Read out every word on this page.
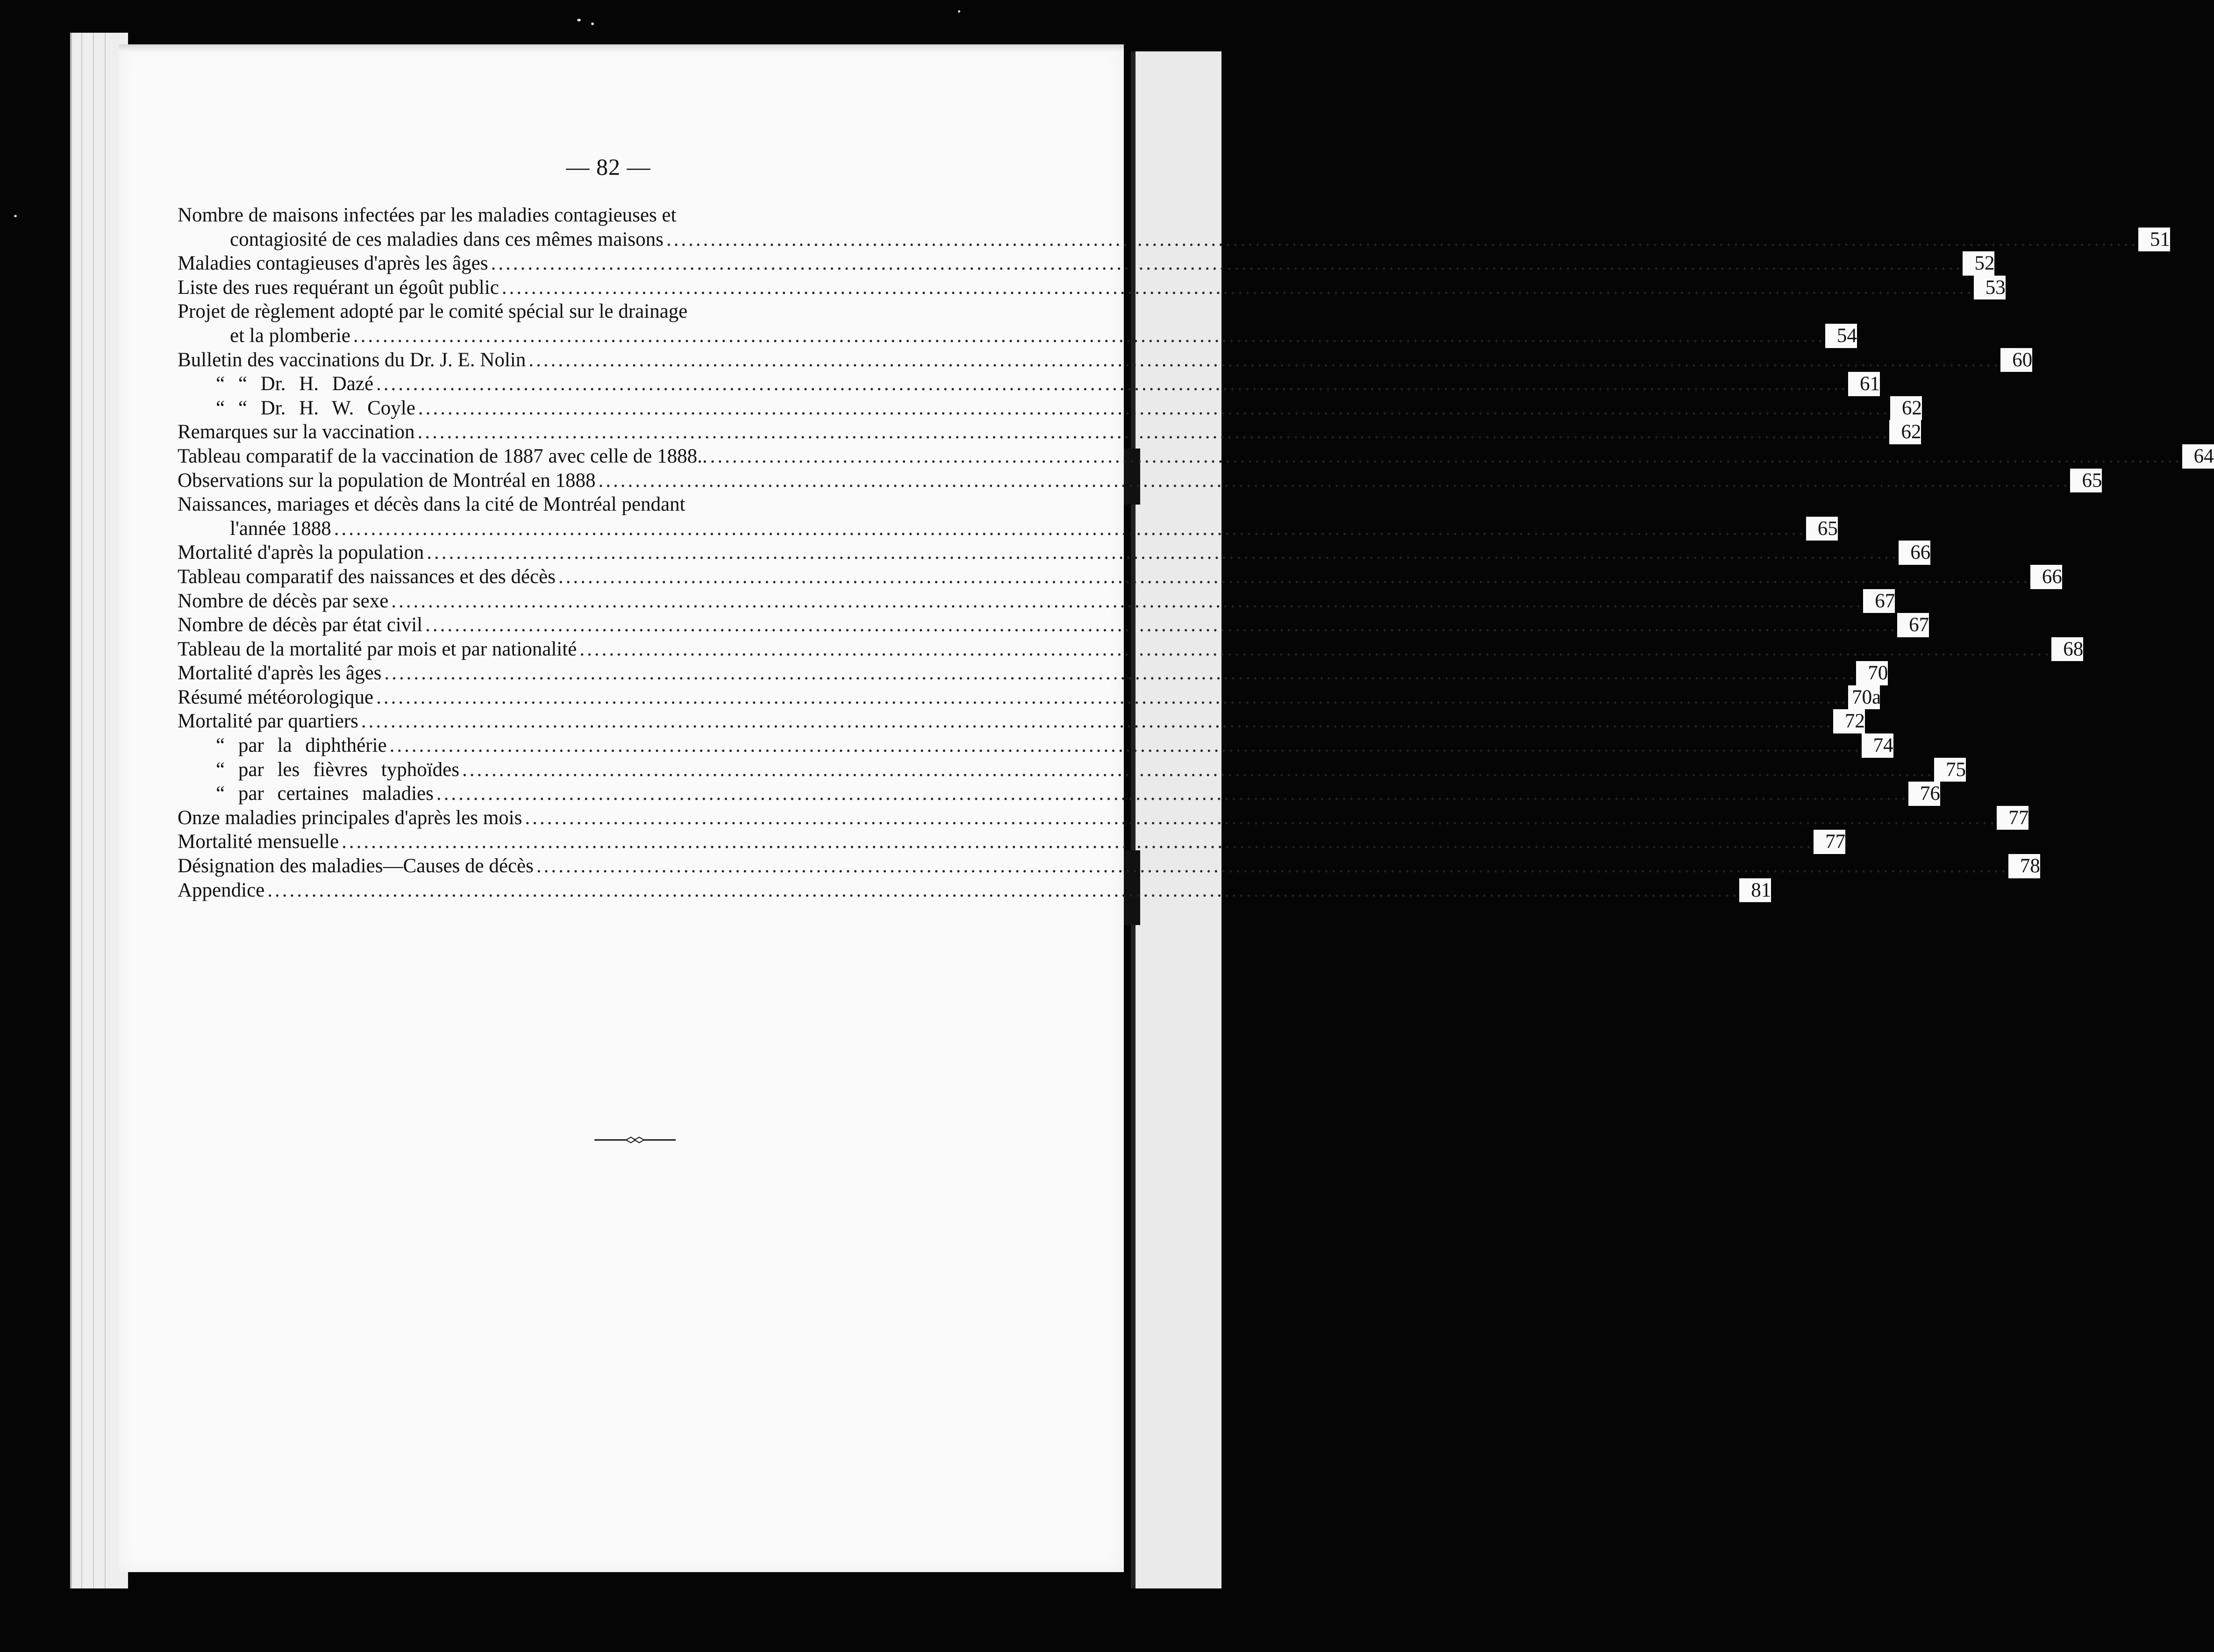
— 82 —
Nombre de maisons infectées par les maladies contagieuses et
contagiosité de ces maladies dans ces mêmes maisons ........................................................................................................................................................................................................ 51
Maladies contagieuses d'après les âges ........................................................................................................................................................................................................ 52
Liste des rues requérant un égoût public ........................................................................................................................................................................................................ 53
Projet de règlement adopté par le comité spécial sur le drainage
et la plomberie ........................................................................................................................................................................................................ 54
Bulletin des vaccinations du Dr. J. E. Nolin ........................................................................................................................................................................................................ 60
“ “ Dr. H. Dazé ........................................................................................................................................................................................................ 61
“ “ Dr. H. W. Coyle ........................................................................................................................................................................................................ 62
Remarques sur la vaccination ........................................................................................................................................................................................................ 62
Tableau comparatif de la vaccination de 1887 avec celle de 1888.. ........................................................................................................................................................................................................ 64
Observations sur la population de Montréal en 1888 ........................................................................................................................................................................................................ 65
Naissances, mariages et décès dans la cité de Montréal pendant
l'année 1888 ........................................................................................................................................................................................................ 65
Mortalité d'après la population ........................................................................................................................................................................................................ 66
Tableau comparatif des naissances et des décès ........................................................................................................................................................................................................ 66
Nombre de décès par sexe ........................................................................................................................................................................................................ 67
Nombre de décès par état civil ........................................................................................................................................................................................................ 67
Tableau de la mortalité par mois et par nationalité ........................................................................................................................................................................................................ 68
Mortalité d'après les âges ........................................................................................................................................................................................................ 70
Résumé météorologique ........................................................................................................................................................................................................ 70a
Mortalité par quartiers ........................................................................................................................................................................................................ 72
“ par la diphthérie ........................................................................................................................................................................................................ 74
“ par les fièvres typhoïdes ........................................................................................................................................................................................................ 75
“ par certaines maladies ........................................................................................................................................................................................................ 76
Onze maladies principales d'après les mois ........................................................................................................................................................................................................ 77
Mortalité mensuelle ........................................................................................................................................................................................................ 77
Désignation des maladies—Causes de décès ........................................................................................................................................................................................................ 78
Appendice ........................................................................................................................................................................................................ 81
